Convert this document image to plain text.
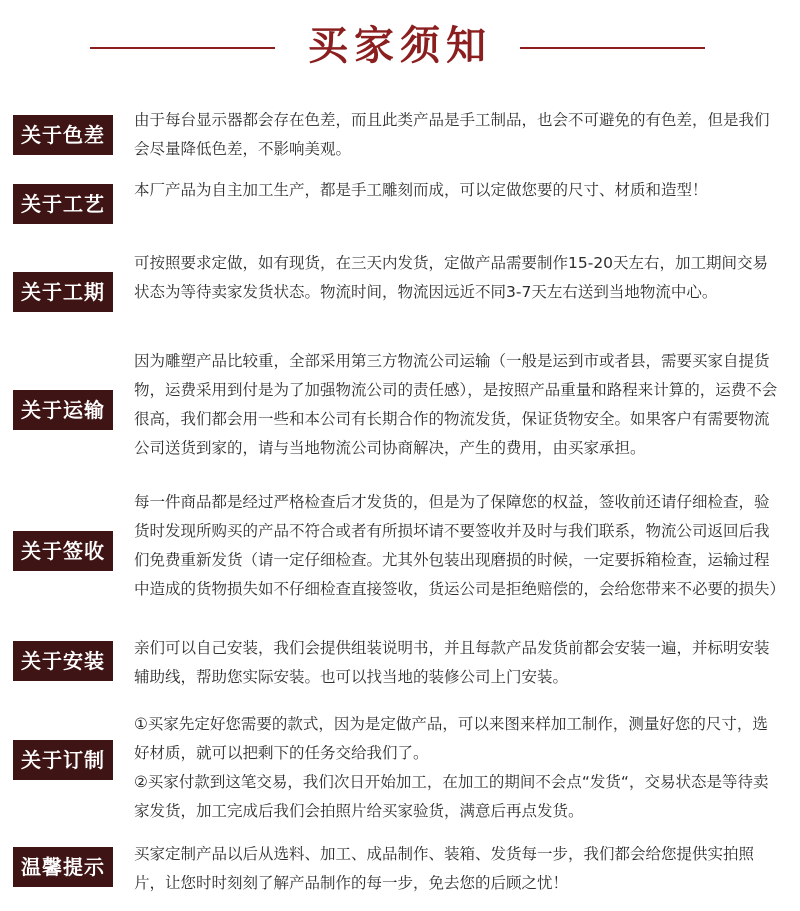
买家须知
关于色差

由于每台显示器都会存在色差，而且此类产品是手工制品，也会不可避免的有色差，但是我们会尽量降低色差，不影响美观。

关于工艺

本厂产品为自主加工生产，都是手工雕刻而成，可以定做您要的尺寸、材质和造型！

关于工期

可按照要求定做，如有现货，在三天内发货，定做产品需要制作15-20天左右，加工期间交易状态为等待卖家发货状态。物流时间，物流因远近不同3-7天左右送到当地物流中心。

关于运输

因为雕塑产品比较重，全部采用第三方物流公司运输（一般是运到市或者县，需要买家自提货物，运费采用到付是为了加强物流公司的责任感），是按照产品重量和路程来计算的，运费不会很高，我们都会用一些和本公司有长期合作的物流发货，保证货物安全。如果客户有需要物流公司送货到家的，请与当地物流公司协商解决，产生的费用，由买家承担。

关于签收

每一件商品都是经过严格检查后才发货的，但是为了保障您的权益，签收前还请仔细检查，验货时发现所购买的产品不符合或者有所损坏请不要签收并及时与我们联系，物流公司返回后我们免费重新发货（请一定仔细检查。尤其外包装出现磨损的时候，一定要拆箱检查，运输过程中造成的货物损失如不仔细检查直接签收，货运公司是拒绝赔偿的，会给您带来不必要的损失）

关于安装

亲们可以自己安装，我们会提供组装说明书，并且每款产品发货前都会安装一遍，并标明安装辅助线，帮助您实际安装。也可以找当地的装修公司上门安装。

关于订制

①买家先定好您需要的款式，因为是定做产品，可以来图来样加工制作，测量好您的尺寸，选好材质，就可以把剩下的任务交给我们了。

②买家付款到这笔交易，我们次日开始加工，在加工的期间不会点“发货“，交易状态是等待卖家发货，加工完成后我们会拍照片给买家验货，满意后再点发货。

温馨提示

买家定制产品以后从选料、加工、成品制作、装箱、发货每一步，我们都会给您提供实拍照片，让您时时刻刻了解产品制作的每一步，免去您的后顾之忧！
